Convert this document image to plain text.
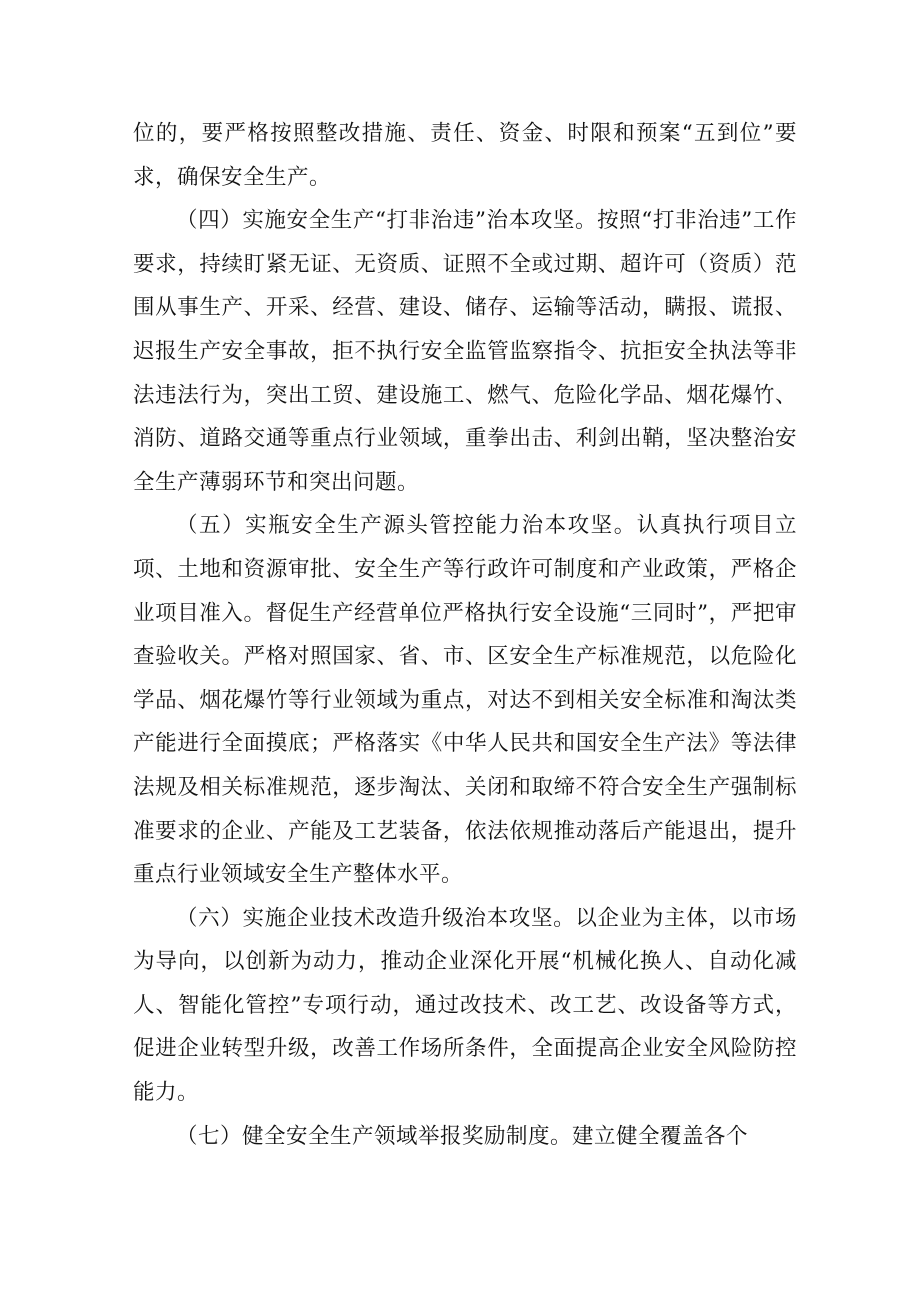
位的，要严格按照整改措施、责任、资金、时限和预案“五到位”要求，确保安全生产。

（四）实施安全生产“打非治违”治本攻坚。按照“打非治违”工作要求，持续盯紧无证、无资质、证照不全或过期、超许可（资质）范围从事生产、开采、经营、建设、储存、运输等活动，瞒报、谎报、迟报生产安全事故，拒不执行安全监管监察指令、抗拒安全执法等非法违法行为，突出工贸、建设施工、燃气、危险化学品、烟花爆竹、消防、道路交通等重点行业领域，重拳出击、利剑出鞘，坚决整治安全生产薄弱环节和突出问题。

（五）实瓶安全生产源头管控能力治本攻坚。认真执行项目立项、土地和资源审批、安全生产等行政许可制度和产业政策，严格企业项目准入。督促生产经营单位严格执行安全设施“三同时”，严把审查验收关。严格对照国家、省、市、区安全生产标准规范，以危险化学品、烟花爆竹等行业领域为重点，对达不到相关安全标准和淘汰类产能进行全面摸底；严格落实《中华人民共和国安全生产法》等法律法规及相关标准规范，逐步淘汰、关闭和取缔不符合安全生产强制标准要求的企业、产能及工艺装备，依法依规推动落后产能退出，提升重点行业领域安全生产整体水平。

（六）实施企业技术改造升级治本攻坚。以企业为主体，以市场为导向，以创新为动力，推动企业深化开展“机械化换人、自动化减人、智能化管控”专项行动，通过改技术、改工艺、改设备等方式，促进企业转型升级，改善工作场所条件，全面提高企业安全风险防控能力。

（七）健全安全生产领域举报奖励制度。建立健全覆盖各个
